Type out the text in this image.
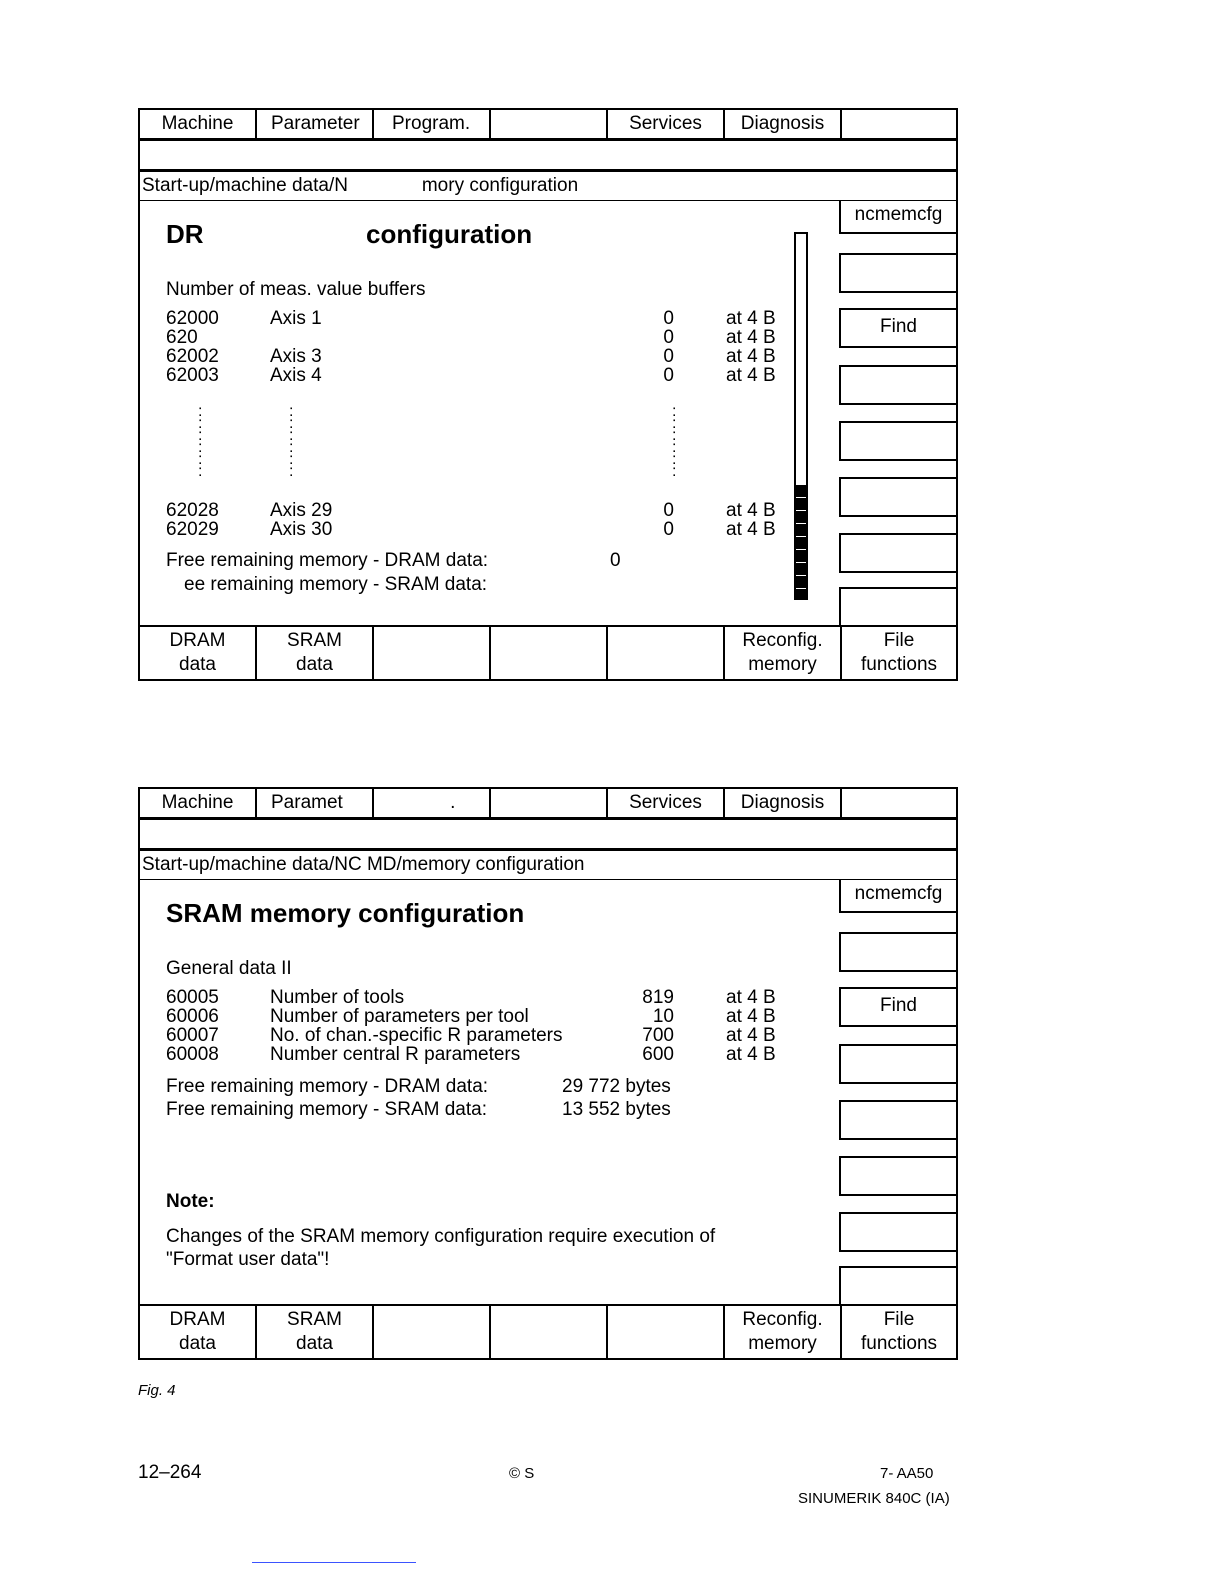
Machine	Parameter	Program.	Services	Diagnosis
Start-up/machine data/N              mory configuration
ncmemcfg
Find
DR	configuration
Number of meas. value buffers
62000	Axis 1	0	at 4 B
620	0	at 4 B
62002	Axis 3	0	at 4 B
62003	Axis 4	0	at 4 B
:
:
:
:
:
:
:
:
:
:
:
:
:
:
:
:
:
:
62028	Axis 29	0	at 4 B
62029	Axis 30	0	at 4 B
Free remaining memory - DRAM data:	0
ee remaining memory - SRAM data:
DRAM
data
SRAM
data
Reconfig.
memory
File
functions
Machine	Paramet	.	Services	Diagnosis
Start-up/machine data/NC MD/memory configuration
ncmemcfg
Find
SRAM memory configuration
General data II
60005	Number of tools	819	at 4 B
60006	Number of parameters per tool	10	at 4 B
60007	No. of chan.-specific R parameters	700	at 4 B
60008	Number central R parameters	600	at 4 B
Free remaining memory - DRAM data:	29 772 bytes
Free remaining memory - SRAM data:	13 552 bytes
Note:
Changes of the SRAM memory configuration require execution of
"Format user data"!
DRAM
data
SRAM
data
Reconfig.
memory
File
functions
Fig. 4
12–264	© S	7- AA50
SINUMERIK 840C (IA)
